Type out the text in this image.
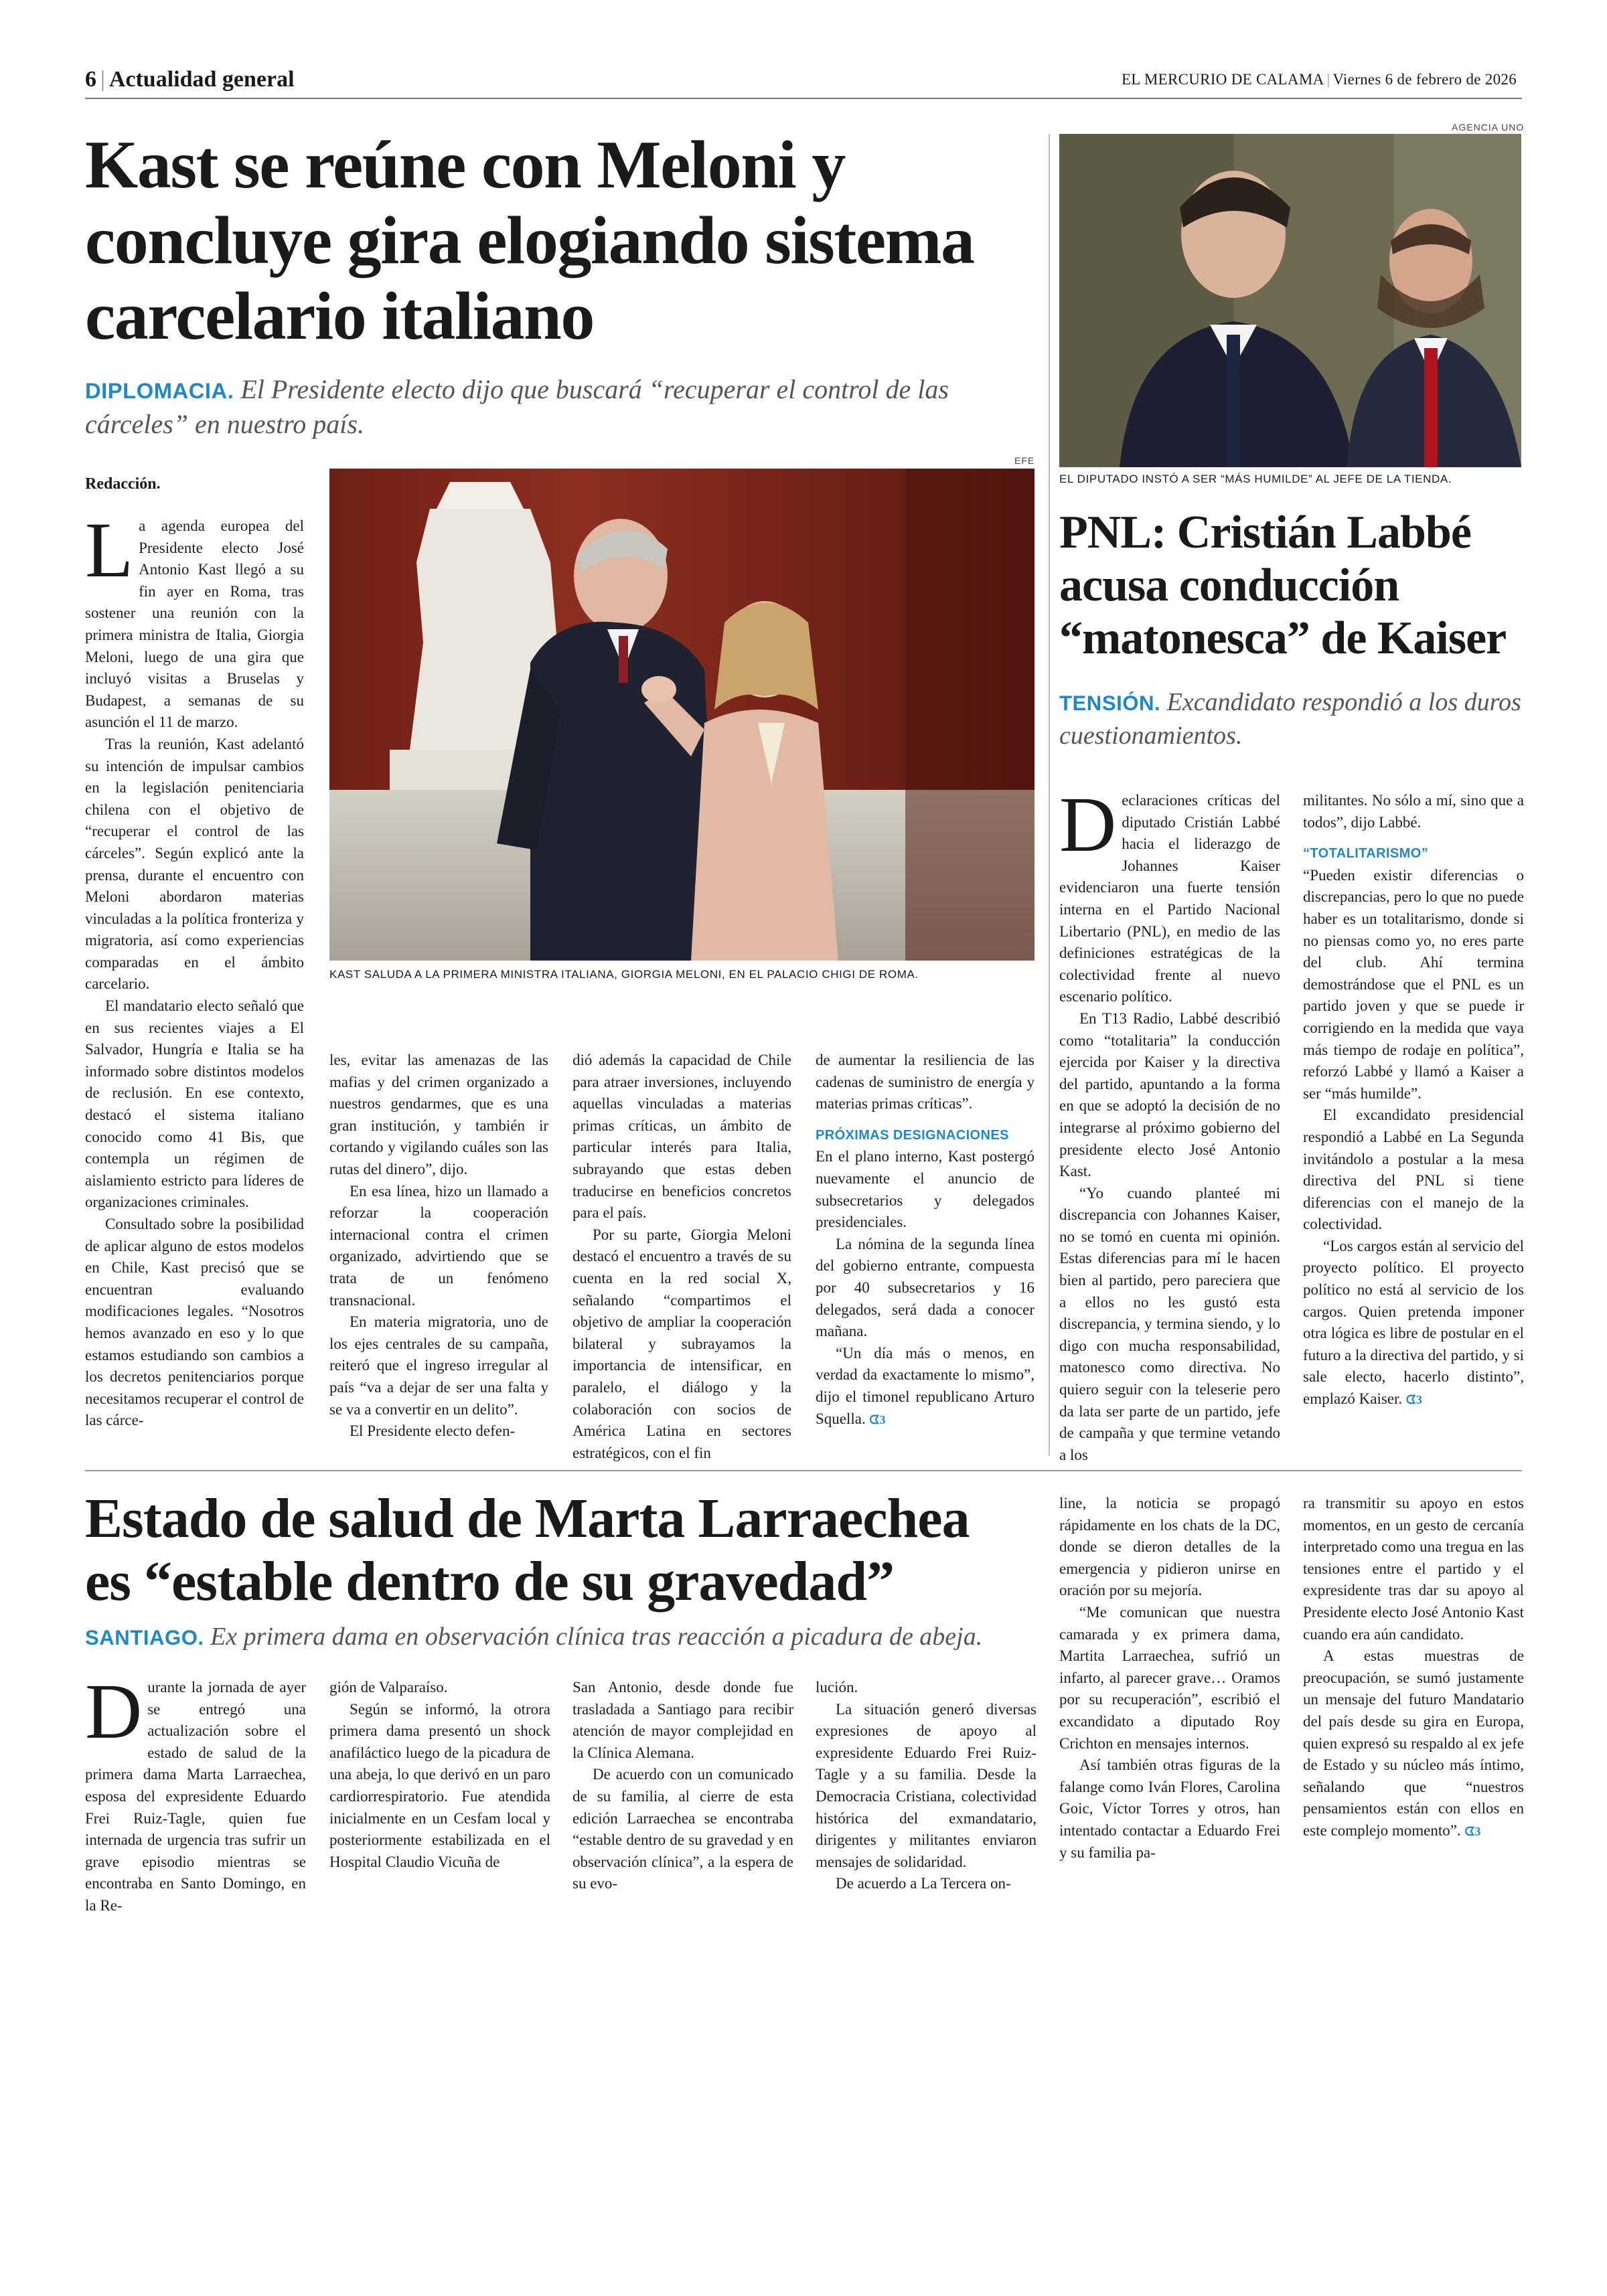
6 | Actualidad general	EL MERCURIO DE CALAMA | Viernes 6 de febrero de 2026
Kast se reúne con Meloni y concluye gira elogiando sistema carcelario italiano
DIPLOMACIA. El Presidente electo dijo que buscará “recuperar el control de las cárceles” en nuestro país.
Redacción.
EFE
KAST SALUDA A LA PRIMERA MINISTRA ITALIANA, GIORGIA MELONI, EN EL PALACIO CHIGI DE ROMA.

La agenda europea del Presidente electo José Antonio Kast llegó a su fin ayer en Roma, tras sostener una reunión con la primera ministra de Italia, Giorgia Meloni, luego de una gira que incluyó visitas a Bruselas y Budapest, a semanas de su asunción el 11 de marzo.

Tras la reunión, Kast adelantó su intención de impulsar cambios en la legislación penitenciaria chilena con el objetivo de “recuperar el control de las cárceles”. Según explicó ante la prensa, durante el encuentro con Meloni abordaron materias vinculadas a la política fronteriza y migratoria, así como experiencias comparadas en el ámbito carcelario.

El mandatario electo señaló que en sus recientes viajes a El Salvador, Hungría e Italia se ha informado sobre distintos modelos de reclusión. En ese contexto, destacó el sistema italiano conocido como 41 Bis, que contempla un régimen de aislamiento estricto para líderes de organizaciones criminales.

Consultado sobre la posibilidad de aplicar alguno de estos modelos en Chile, Kast precisó que se encuentran evaluando modificaciones legales. “Nosotros hemos avanzado en eso y lo que estamos estudiando son cambios a los decretos penitenciarios porque necesitamos recuperar el control de las cárce-

les, evitar las amenazas de las mafias y del crimen organizado a nuestros gendarmes, que es una gran institución, y también ir cortando y vigilando cuáles son las rutas del dinero”, dijo.

En esa línea, hizo un llamado a reforzar la cooperación internacional contra el crimen organizado, advirtiendo que se trata de un fenómeno transnacional.

En materia migratoria, uno de los ejes centrales de su campaña, reiteró que el ingreso irregular al país “va a dejar de ser una falta y se va a convertir en un delito”.

El Presidente electo defen-

dió además la capacidad de Chile para atraer inversiones, incluyendo aquellas vinculadas a materias primas críticas, un ámbito de particular interés para Italia, subrayando que estas deben traducirse en beneficios concretos para el país.

Por su parte, Giorgia Meloni destacó el encuentro a través de su cuenta en la red social X, señalando “compartimos el objetivo de ampliar la cooperación bilateral y subrayamos la importancia de intensificar, en paralelo, el diálogo y la colaboración con socios de América Latina en sectores estratégicos, con el fin

de aumentar la resiliencia de las cadenas de suministro de energía y materias primas críticas”.

PRÓXIMAS DESIGNACIONES

En el plano interno, Kast postergó nuevamente el anuncio de subsecretarios y delegados presidenciales.

La nómina de la segunda línea del gobierno entrante, compuesta por 40 subsecretarios y 16 delegados, será dada a conocer mañana.

“Un día más o menos, en verdad da exactamente lo mismo”, dijo el timonel republicano Arturo Squella. ᗧ3

AGENCIA UNO
EL DIPUTADO INSTÓ A SER “MÁS HUMILDE” AL JEFE DE LA TIENDA.
PNL: Cristián Labbé acusa conducción “matonesca” de Kaiser
TENSIÓN. Excandidato respondió a los duros cuestionamientos.

Declaraciones críticas del diputado Cristián Labbé hacia el liderazgo de Johannes Kaiser evidenciaron una fuerte tensión interna en el Partido Nacional Libertario (PNL), en medio de las definiciones estratégicas de la colectividad frente al nuevo escenario político.

En T13 Radio, Labbé describió como “totalitaria” la conducción ejercida por Kaiser y la directiva del partido, apuntando a la forma en que se adoptó la decisión de no integrarse al próximo gobierno del presidente electo José Antonio Kast.

“Yo cuando planteé mi discrepancia con Johannes Kaiser, no se tomó en cuenta mi opinión. Estas diferencias para mí le hacen bien al partido, pero pareciera que a ellos no les gustó esta discrepancia, y termina siendo, y lo digo con mucha responsabilidad, matonesco como directiva. No quiero seguir con la teleserie pero da lata ser parte de un partido, jefe de campaña y que termine vetando a los

militantes. No sólo a mí, sino que a todos”, dijo Labbé.

“TOTALITARISMO”

“Pueden existir diferencias o discrepancias, pero lo que no puede haber es un totalitarismo, donde si no piensas como yo, no eres parte del club. Ahí termina demostrándose que el PNL es un partido joven y que se puede ir corrigiendo en la medida que vaya más tiempo de rodaje en política”, reforzó Labbé y llamó a Kaiser a ser “más humilde”.

El excandidato presidencial respondió a Labbé en La Segunda invitándolo a postular a la mesa directiva del PNL si tiene diferencias con el manejo de la colectividad.

“Los cargos están al servicio del proyecto político. El proyecto político no está al servicio de los cargos. Quien pretenda imponer otra lógica es libre de postular en el futuro a la directiva del partido, y si sale electo, hacerlo distinto”, emplazó Kaiser. ᗧ3

Estado de salud de Marta Larraechea es “estable dentro de su gravedad”
SANTIAGO. Ex primera dama en observación clínica tras reacción a picadura de abeja.

Durante la jornada de ayer se entregó una actualización sobre el estado de salud de la primera dama Marta Larraechea, esposa del expresidente Eduardo Frei Ruiz-Tagle, quien fue internada de urgencia tras sufrir un grave episodio mientras se encontraba en Santo Domingo, en la Re-

gión de Valparaíso.

Según se informó, la otrora primera dama presentó un shock anafiláctico luego de la picadura de una abeja, lo que derivó en un paro cardiorrespiratorio. Fue atendida inicialmente en un Cesfam local y posteriormente estabilizada en el Hospital Claudio Vicuña de

San Antonio, desde donde fue trasladada a Santiago para recibir atención de mayor complejidad en la Clínica Alemana.

De acuerdo con un comunicado de su familia, al cierre de esta edición Larraechea se encontraba “estable dentro de su gravedad y en observación clínica”, a la espera de su evo-

lución.

La situación generó diversas expresiones de apoyo al expresidente Eduardo Frei Ruiz-Tagle y a su familia. Desde la Democracia Cristiana, colectividad histórica del exmandatario, dirigentes y militantes enviaron mensajes de solidaridad.

De acuerdo a La Tercera on-

line, la noticia se propagó rápidamente en los chats de la DC, donde se dieron detalles de la emergencia y pidieron unirse en oración por su mejoría.

“Me comunican que nuestra camarada y ex primera dama, Martita Larraechea, sufrió un infarto, al parecer grave… Oramos por su recuperación”, escribió el excandidato a diputado Roy Crichton en mensajes internos.

Así también otras figuras de la falange como Iván Flores, Carolina Goic, Víctor Torres y otros, han intentado contactar a Eduardo Frei y su familia pa-

ra transmitir su apoyo en estos momentos, en un gesto de cercanía interpretado como una tregua en las tensiones entre el partido y el expresidente tras dar su apoyo al Presidente electo José Antonio Kast cuando era aún candidato.

A estas muestras de preocupación, se sumó justamente un mensaje del futuro Mandatario del país desde su gira en Europa, quien expresó su respaldo al ex jefe de Estado y su núcleo más íntimo, señalando que “nuestros pensamientos están con ellos en este complejo momento”. ᗧ3
